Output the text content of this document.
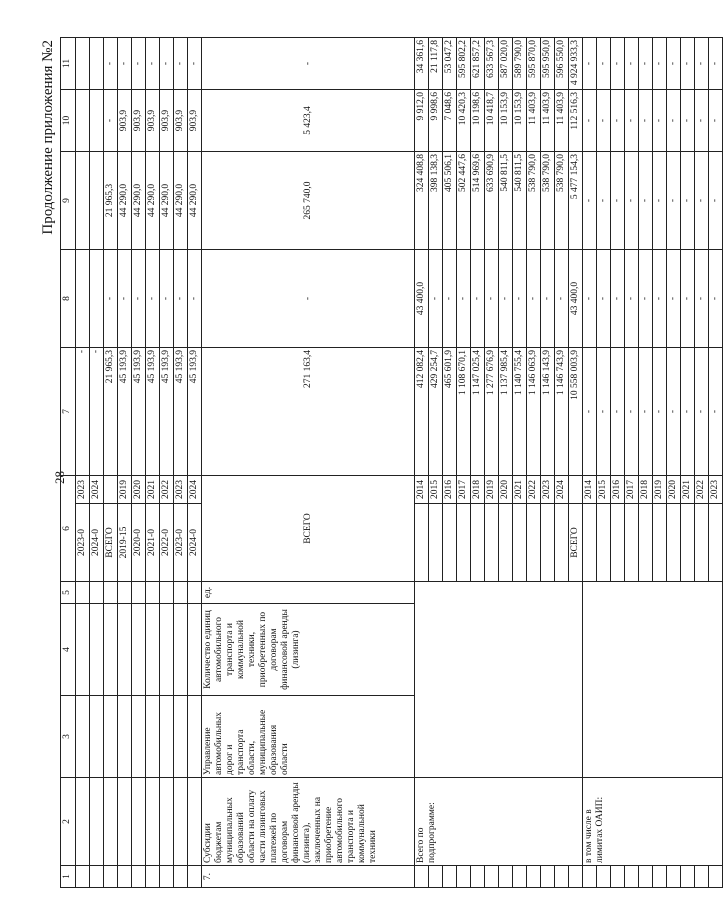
28
Продолжение приложения №2
1	2	3	4	5	6		7	8	9	10	11
					2023-0	2023	-				
					2024-0	2024	-				
					ВСЕГО		21 965,3	-	21 965,3	-	-
					2019-15	2019	45 193,9	-	44 290,0	903,9	-
					2020-0	2020	45 193,9	-	44 290,0	903,9	-
					2021-0	2021	45 193,9	-	44 290,0	903,9	-
					2022-0	2022	45 193,9	-	44 290,0	903,9	-
					2023-0	2023	45 193,9	-	44 290,0	903,9	-
					2024-0	2024	45 193,9	-	44 290,0	903,9	-
7.	Субсидии бюджетам муниципальных образований области на оплату части лизинговых платежей по договорам финансовой аренды (лизинга), заключенных на приобретение автомобильного транспорта и коммунальной техники	Управление автомобильных дорог и транспорта области, муниципальные образования области	Количество единиц автомобильного транспорта и коммунальной техники, приобретенных по договорам финансовой аренды (лизинга)	ед.	ВСЕГО		271 163,4	-	265 740,0	5 423,4	-
	Всего по подпрограмме:					2014	412 082,4	43 400,0	324 408,8	9 912,0	34 361,6
						2015	429 254,7	-	398 138,3	9 998,6	21 117,8
						2016	465 601,9	-	405 506,1	7 048,6	53 047,2
						2017	1 108 670,1	-	502 447,6	10 420,3	595 802,2
						2018	1 147 025,4	-	514 969,6	10 198,6	621 857,2
						2019	1 277 676,9	-	633 690,9	10 418,7	633 567,3
						2020	1 137 985,4	-	540 811,5	10 153,9	587 020,0
						2021	1 140 755,4	-	540 811,5	10 153,9	589 790,0
						2022	1 146 063,9	-	538 790,0	11 403,9	595 870,0
						2023	1 146 143,9	-	538 790,0	11 403,9	595 950,0
						2024	1 146 743,9	-	538 790,0	11 403,9	596 550,0
					ВСЕГО		10 558 003,9	43 400,0	5 477 154,3	112 516,3	4 924 933,3
	в том числе в лимитах ОАИП:					2014	-	-	-	-	-
						2015	-	-	-	-	-
						2016	-	-	-	-	-
						2017	-	-	-	-	-
						2018	-	-	-	-	-
						2019	-	-	-	-	-
						2020	-	-	-	-	-
						2021	-	-	-	-	-
						2022	-	-	-	-	-
						2023	-	-	-	-	-
